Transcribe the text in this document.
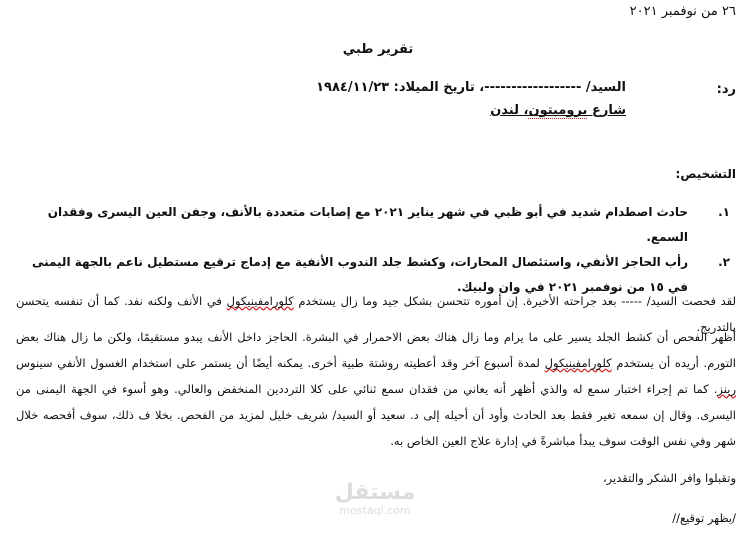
٢٦ من نوفمبر ٢٠٢١
تقرير طبي
رد:
السيد/ ------------------، تاريخ الميلاد: ١٩٨٤/١١/٢٣
شارع برومبتون، لندن
التشخيص:
١.
حادث اصطدام شديد في أبو ظبي في شهر يناير ٢٠٢١ مع إصابات متعددة بالأنف، وجفن العين اليسرى وفقدان السمع.
٢.
رأب الحاجز الأنفي، واستئصال المحارات، وكشط جلد الندوب الأنفية مع إدماج ترقيع مستطيل ناعم بالجهة اليمنى في ١٥ من نوفمبر ٢٠٢١ في وان ولبيك.

لقد فحصت السيد/ ----- بعد جراحته الأخيرة. إن أموره تتحسن بشكل جيد وما زال يستخدم كلورامفينيكول في الأنف ولكنه نفد. كما أن تنفسه يتحسن بالتدريج.

أظهر الفحص أن كشط الجلد يسير على ما يرام وما زال هناك بعض الاحمرار في البشرة. الحاجز داخل الأنف يبدو مستقيمًا، ولكن ما زال هناك بعض التورم. أريده أن يستخدم كلورامفينيكول لمدة أسبوع آخر وقد أعطيته روشتة طبية أخرى. يمكنه أيضًا أن يستمر على استخدام الغسول الأنفي سينوس رينز. كما تم إجراء اختبار سمع له والذي أظهر أنه يعاني من فقدان سمع ثنائي على كلا الترددين المنخفض والعالي. وهو أسوء في الجهة اليمنى من اليسرى. وقال إن سمعه تغير فقط بعد الحادث وأود أن أحيله إلى د. سعيد أو السيد/ شريف خليل لمزيد من الفحص. بخلا ف ذلك، سوف أفحصه خلال شهر وفي نفس الوقت سوف يبدأ مباشرةً في إدارة علاج العين الخاص به.

وتقبلوا وافر الشكر والتقدير،
/يظهر توقيع//
مستقل
mostaql.com
